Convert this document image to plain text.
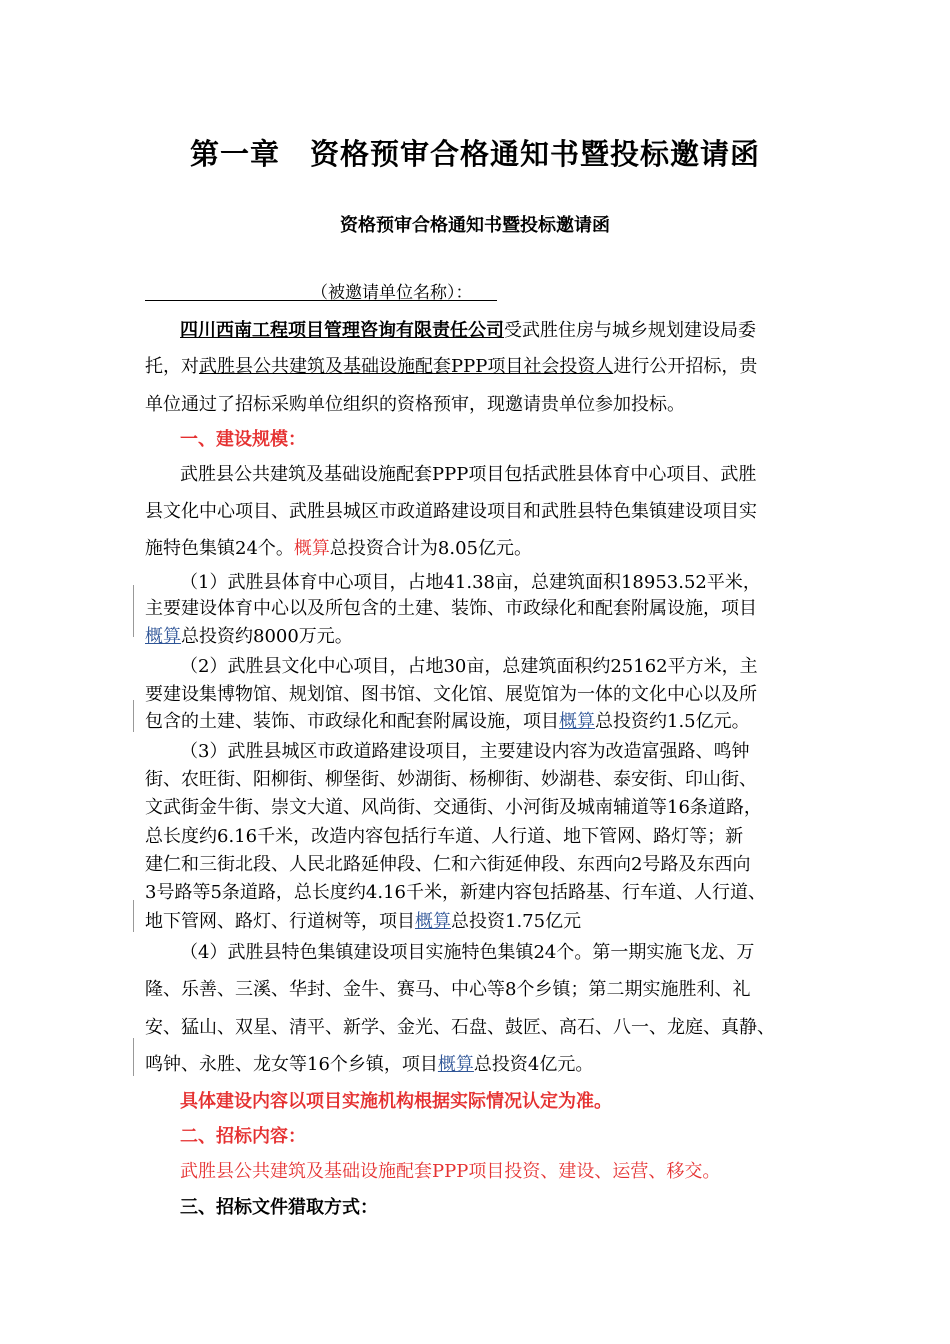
第一章　资格预审合格通知书暨投标邀请函
资格预审合格通知书暨投标邀请函
（被邀请单位名称）：
四川西南工程项目管理咨询有限责任公司受武胜住房与城乡规划建设局委
托，对武胜县公共建筑及基础设施配套PPP项目社会投资人进行公开招标，贵
单位通过了招标采购单位组织的资格预审，现邀请贵单位参加投标。
一、建设规模：
武胜县公共建筑及基础设施配套PPP项目包括武胜县体育中心项目、武胜
县文化中心项目、武胜县城区市政道路建设项目和武胜县特色集镇建设项目实
施特色集镇24个。概算总投资合计为8.05亿元。
（1）武胜县体育中心项目，占地41.38亩，总建筑面积18953.52平米，
主要建设体育中心以及所包含的土建、装饰、市政绿化和配套附属设施，项目
概算总投资约8000万元。
（2）武胜县文化中心项目，占地30亩，总建筑面积约25162平方米，主
要建设集博物馆、规划馆、图书馆、文化馆、展览馆为一体的文化中心以及所
包含的土建、装饰、市政绿化和配套附属设施，项目概算总投资约1.5亿元。
（3）武胜县城区市政道路建设项目，主要建设内容为改造富强路、鸣钟
街、农旺街、阳柳街、柳堡街、妙湖街、杨柳街、妙湖巷、泰安街、印山街、
文武街金牛街、崇文大道、风尚街、交通街、小河街及城南辅道等16条道路，
总长度约6.16千米，改造内容包括行车道、人行道、地下管网、路灯等；新
建仁和三街北段、人民北路延伸段、仁和六街延伸段、东西向2号路及东西向
3号路等5条道路，总长度约4.16千米，新建内容包括路基、行车道、人行道、
地下管网、路灯、行道树等，项目概算总投资1.75亿元
（4）武胜县特色集镇建设项目实施特色集镇24个。第一期实施飞龙、万
隆、乐善、三溪、华封、金牛、赛马、中心等8个乡镇；第二期实施胜利、礼
安、猛山、双星、清平、新学、金光、石盘、鼓匠、高石、八一、龙庭、真静、
鸣钟、永胜、龙女等16个乡镇，项目概算总投资4亿元。
具体建设内容以项目实施机构根据实际情况认定为准。
二、招标内容：
武胜县公共建筑及基础设施配套PPP项目投资、建设、运营、移交。
三、招标文件猎取方式：
